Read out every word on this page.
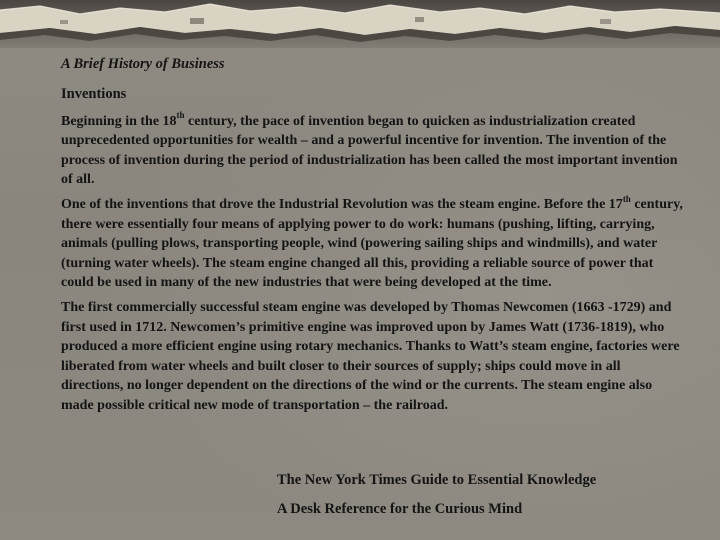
A Brief History of Business
Inventions
Beginning in the 18th century, the pace of invention began to quicken as industrialization created unprecedented opportunities for wealth – and a powerful incentive for invention. The invention of the process of invention during the period of industrialization has been called the most important invention of all.
One of the inventions that drove the Industrial Revolution was the steam engine. Before the 17th century, there were essentially four means of applying power to do work: humans (pushing, lifting, carrying, animals (pulling plows, transporting people, wind (powering sailing ships and windmills), and water (turning water wheels). The steam engine changed all this, providing a reliable source of power that could be used in many of the new industries that were being developed at the time.
The first commercially successful steam engine was developed by Thomas Newcomen (1663 -1729) and first used in 1712. Newcomen’s primitive engine was improved upon by James Watt (1736-1819), who produced a more efficient engine using rotary mechanics. Thanks to Watt’s steam engine, factories were liberated from water wheels and built closer to their sources of supply; ships could move in all directions, no longer dependent on the directions of the wind or the currents. The steam engine also made possible critical new mode of transportation – the railroad.
The New York Times Guide to Essential Knowledge
A Desk Reference for the Curious Mind
